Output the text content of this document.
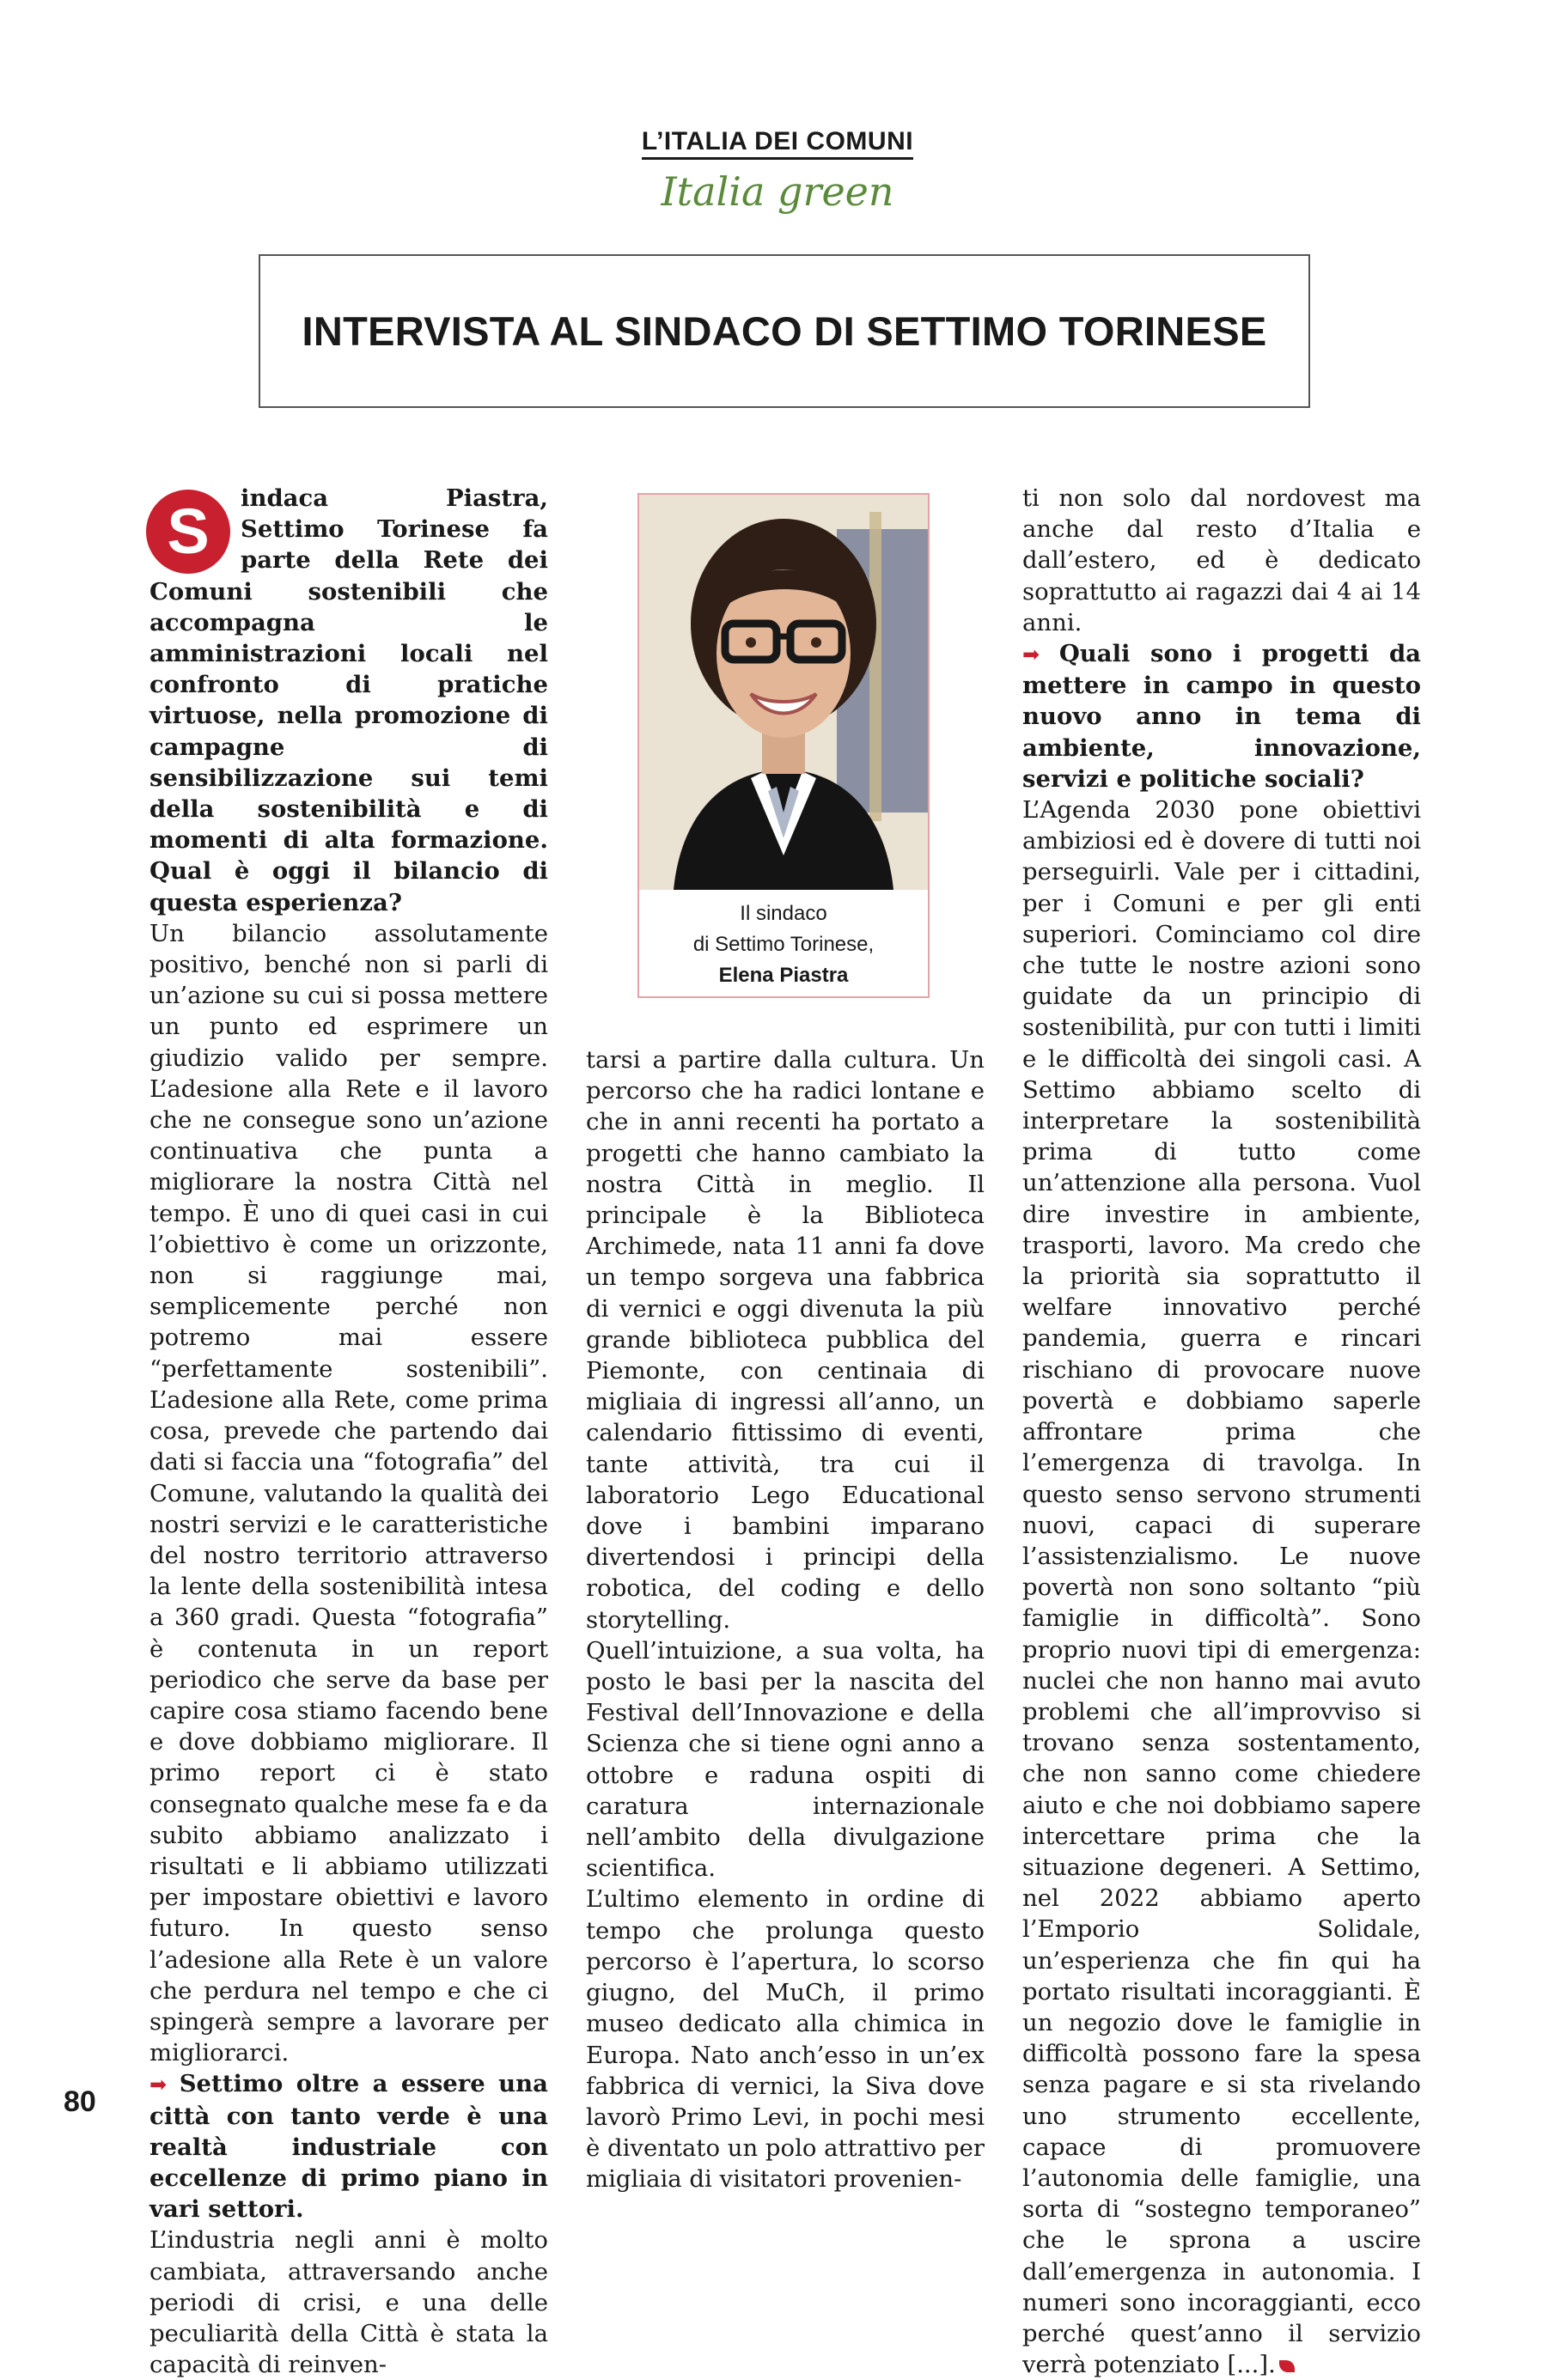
L’ITALIA DEI COMUNI
Italia green
INTERVISTA AL SINDACO DI SETTIMO TORINESE

S	indaca Piastra, Settimo Torinese fa parte della Rete dei Comuni sostenibili che accompagna le amministrazioni locali nel confronto di pratiche virtuose, nella promozione di campagne di sensibilizzazione sui temi della sostenibilità e di momenti di alta formazione. Qual è oggi il bilancio di questa esperienza?

Un bilancio assolutamente positivo, benché non si parli di un’azione su cui si possa mettere un punto ed esprimere un giudizio valido per sempre. L’adesione alla Rete e il lavoro che ne consegue sono un’azione continuativa che punta a migliorare la nostra Città nel tempo. È uno di quei casi in cui l’obiettivo è come un orizzonte, non si raggiunge mai, semplicemente perché non potremo mai essere “perfettamente sostenibili”. L’adesione alla Rete, come prima cosa, prevede che partendo dai dati si faccia una “fotografia” del Comune, valutando la qualità dei nostri servizi e le caratteristiche del nostro territorio attraverso la lente della sostenibilità intesa a 360 gradi. Questa “fotografia” è contenuta in un report periodico che serve da base per capire cosa stiamo facendo bene e dove dobbiamo migliorare. Il primo report ci è stato consegnato qualche mese fa e da subito abbiamo analizzato i risultati e li abbiamo utilizzati per impostare obiettivi e lavoro futuro. In questo senso l’adesione alla Rete è un valore che perdura nel tempo e che ci spingerà sempre a lavorare per migliorarci.

➡ Settimo oltre a essere una città con tanto verde è una realtà industriale con eccellenze di primo piano in vari settori.

L’industria negli anni è molto cambiata, attraversando anche periodi di crisi, e una delle peculiarità della Città è stata la capacità di reinven-

Il sindaco
di Settimo Torinese,
Elena Piastra

tarsi a partire dalla cultura. Un percorso che ha radici lontane e che in anni recenti ha portato a progetti che hanno cambiato la nostra Città in meglio. Il principale è la Biblioteca Archimede, nata 11 anni fa dove un tempo sorgeva una fabbrica di vernici e oggi divenuta la più grande biblioteca pubblica del Piemonte, con centinaia di migliaia di ingressi all’anno, un calendario fittissimo di eventi, tante attività, tra cui il laboratorio Lego Educational dove i bambini imparano divertendosi i principi della robotica, del coding e dello storytelling.

Quell’intuizione, a sua volta, ha posto le basi per la nascita del Festival dell’Innovazione e della Scienza che si tiene ogni anno a ottobre e raduna ospiti di caratura internazionale nell’ambito della divulgazione scientifica.

L’ultimo elemento in ordine di tempo che prolunga questo percorso è l’apertura, lo scorso giugno, del MuCh, il primo museo dedicato alla chimica in Europa. Nato anch’esso in un’ex fabbrica di vernici, la Siva dove lavorò Primo Levi, in pochi mesi è diventato un polo attrattivo per migliaia di visitatori provenien-

ti non solo dal nordovest ma anche dal resto d’Italia e dall’estero, ed è dedicato soprattutto ai ragazzi dai 4 ai 14 anni.

➡ Quali sono i progetti da mettere in campo in questo nuovo anno in tema di ambiente, innovazione, servizi e politiche sociali?

L’Agenda 2030 pone obiettivi ambiziosi ed è dovere di tutti noi perseguirli. Vale per i cittadini, per i Comuni e per gli enti superiori. Cominciamo col dire che tutte le nostre azioni sono guidate da un principio di sostenibilità, pur con tutti i limiti e le difficoltà dei singoli casi. A Settimo abbiamo scelto di interpretare la sostenibilità prima di tutto come un’attenzione alla persona. Vuol dire investire in ambiente, trasporti, lavoro. Ma credo che la priorità sia soprattutto il welfare innovativo perché pandemia, guerra e rincari rischiano di provocare nuove povertà e dobbiamo saperle affrontare prima che l’emergenza di travolga. In questo senso servono strumenti nuovi, capaci di superare l’assistenzialismo. Le nuove povertà non sono soltanto “più famiglie in difficoltà”. Sono proprio nuovi tipi di emergenza: nuclei che non hanno mai avuto problemi che all’improvviso si trovano senza sostentamento, che non sanno come chiedere aiuto e che noi dobbiamo sapere intercettare prima che la situazione degeneri. A Settimo, nel 2022 abbiamo aperto l’Emporio Solidale, un’esperienza che fin qui ha portato risultati incoraggianti. È un negozio dove le famiglie in difficoltà possono fare la spesa senza pagare e si sta rivelando uno strumento eccellente, capace di promuovere l’autonomia delle famiglie, una sorta di “sostegno temporaneo” che le sprona a uscire dall’emergenza in autonomia. I numeri sono incoraggianti, ecco perché quest’anno il servizio verrà potenziato [...].

80
